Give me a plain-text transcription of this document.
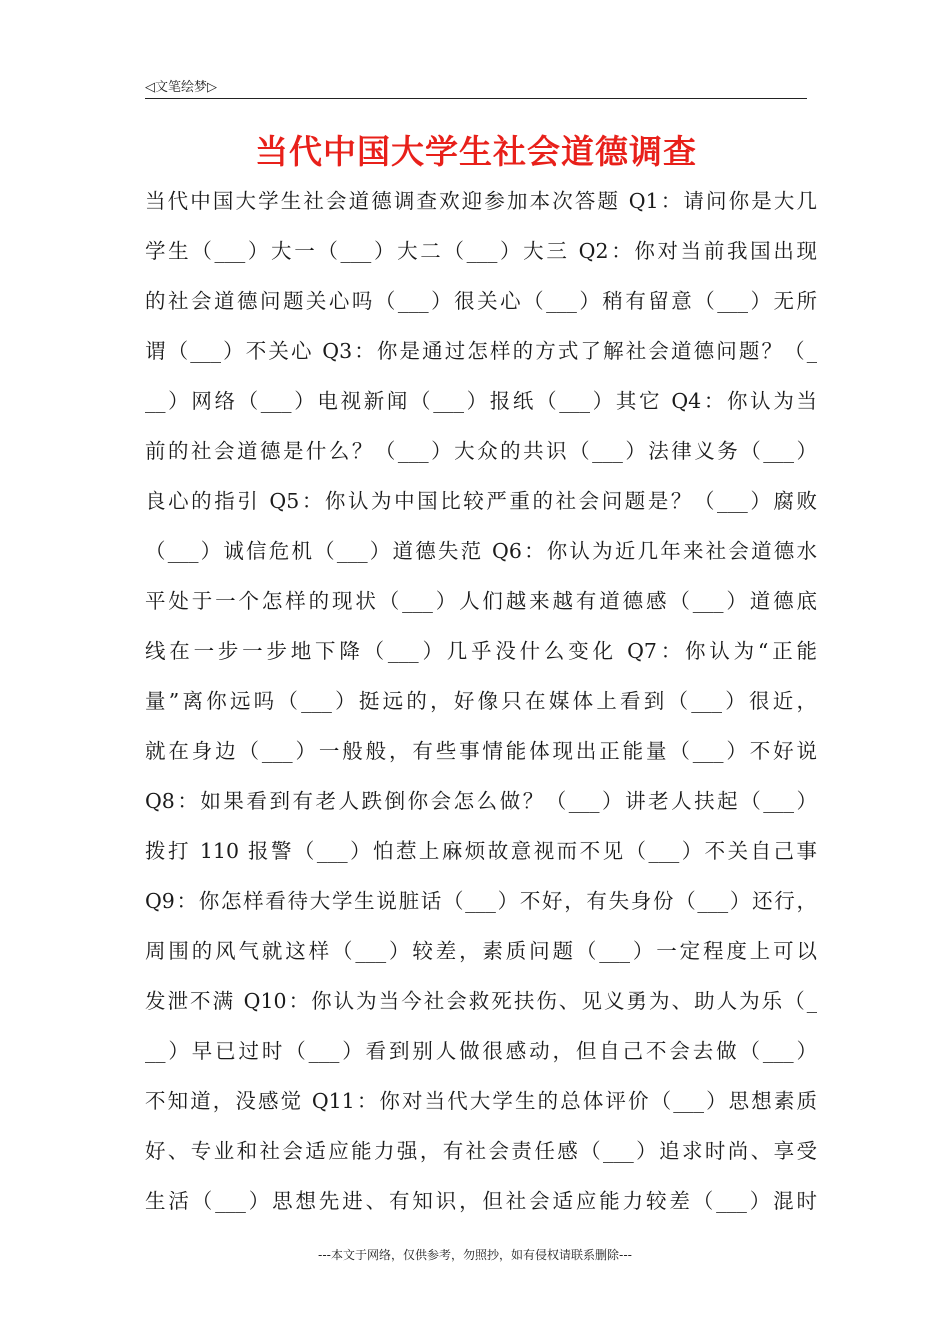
◁文笔绘梦▷
当代中国大学生社会道德调查
当代中国大学生社会道德调查欢迎参加本次答题 Q1：请问你是大几
学生（___）大一（___）大二（___）大三 Q2：你对当前我国出现
的社会道德问题关心吗（___）很关心（___）稍有留意（___）无所
谓（___）不关心 Q3：你是通过怎样的方式了解社会道德问题？（_
__）网络（___）电视新闻（___）报纸（___）其它 Q4：你认为当
前的社会道德是什么？（___）大众的共识（___）法律义务（___）
良心的指引 Q5：你认为中国比较严重的社会问题是？（___）腐败
（___）诚信危机（___）道德失范 Q6：你认为近几年来社会道德水
平处于一个怎样的现状（___）人们越来越有道德感（___）道德底
线在一步一步地下降（___）几乎没什么变化 Q7：你认为“正能
量”离你远吗（___）挺远的，好像只在媒体上看到（___）很近，
就在身边（___）一般般，有些事情能体现出正能量（___）不好说
Q8：如果看到有老人跌倒你会怎么做？（___）讲老人扶起（___）
拨打 110 报警（___）怕惹上麻烦故意视而不见（___）不关自己事
Q9：你怎样看待大学生说脏话（___）不好，有失身份（___）还行，
周围的风气就这样（___）较差，素质问题（___）一定程度上可以
发泄不满 Q10：你认为当今社会救死扶伤、见义勇为、助人为乐（_
__）早已过时（___）看到别人做很感动，但自己不会去做（___）
不知道，没感觉 Q11：你对当代大学生的总体评价（___）思想素质
好、专业和社会适应能力强，有社会责任感（___）追求时尚、享受
生活（___）思想先进、有知识，但社会适应能力较差（___）混时
---本文于网络，仅供参考，勿照抄，如有侵权请联系删除---
